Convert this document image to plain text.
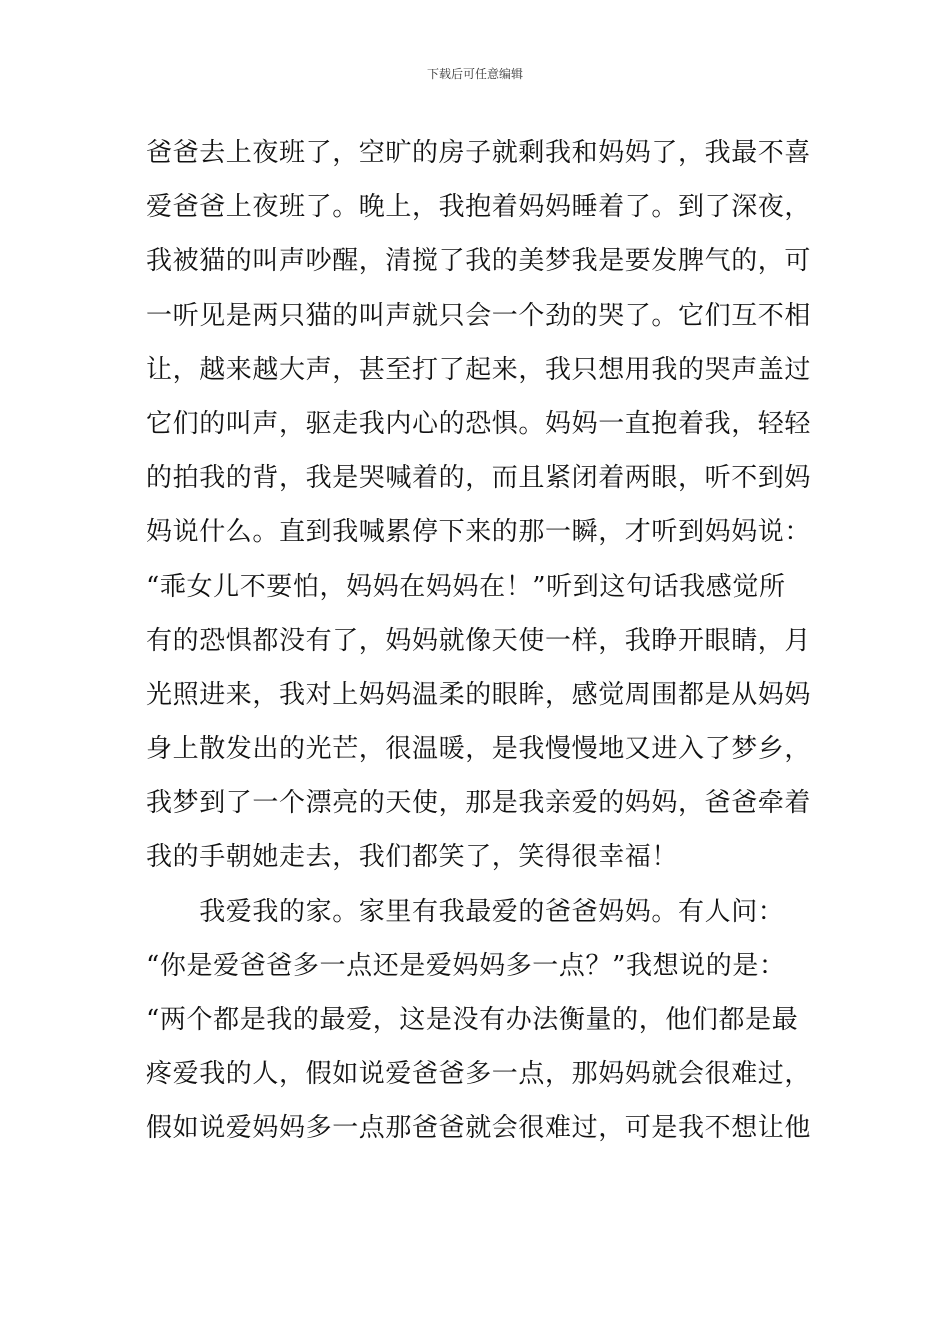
下载后可任意编辑
爸爸去上夜班了，空旷的房子就剩我和妈妈了，我最不喜
爱爸爸上夜班了。晚上，我抱着妈妈睡着了。到了深夜，
我被猫的叫声吵醒，清搅了我的美梦我是要发脾气的，可
一听见是两只猫的叫声就只会一个劲的哭了。它们互不相
让，越来越大声，甚至打了起来，我只想用我的哭声盖过
它们的叫声，驱走我内心的恐惧。妈妈一直抱着我，轻轻
的拍我的背，我是哭喊着的，而且紧闭着两眼，听不到妈
妈说什么。直到我喊累停下来的那一瞬，才听到妈妈说：
“乖女儿不要怕，妈妈在妈妈在！”听到这句话我感觉所
有的恐惧都没有了，妈妈就像天使一样，我睁开眼睛，月
光照进来，我对上妈妈温柔的眼眸，感觉周围都是从妈妈
身上散发出的光芒，很温暖，是我慢慢地又进入了梦乡，
我梦到了一个漂亮的天使，那是我亲爱的妈妈，爸爸牵着
我的手朝她走去，我们都笑了，笑得很幸福！
　　我爱我的家。家里有我最爱的爸爸妈妈。有人问：
“你是爱爸爸多一点还是爱妈妈多一点？”我想说的是：
“两个都是我的最爱，这是没有办法衡量的，他们都是最
疼爱我的人，假如说爱爸爸多一点，那妈妈就会很难过，
假如说爱妈妈多一点那爸爸就会很难过，可是我不想让他
